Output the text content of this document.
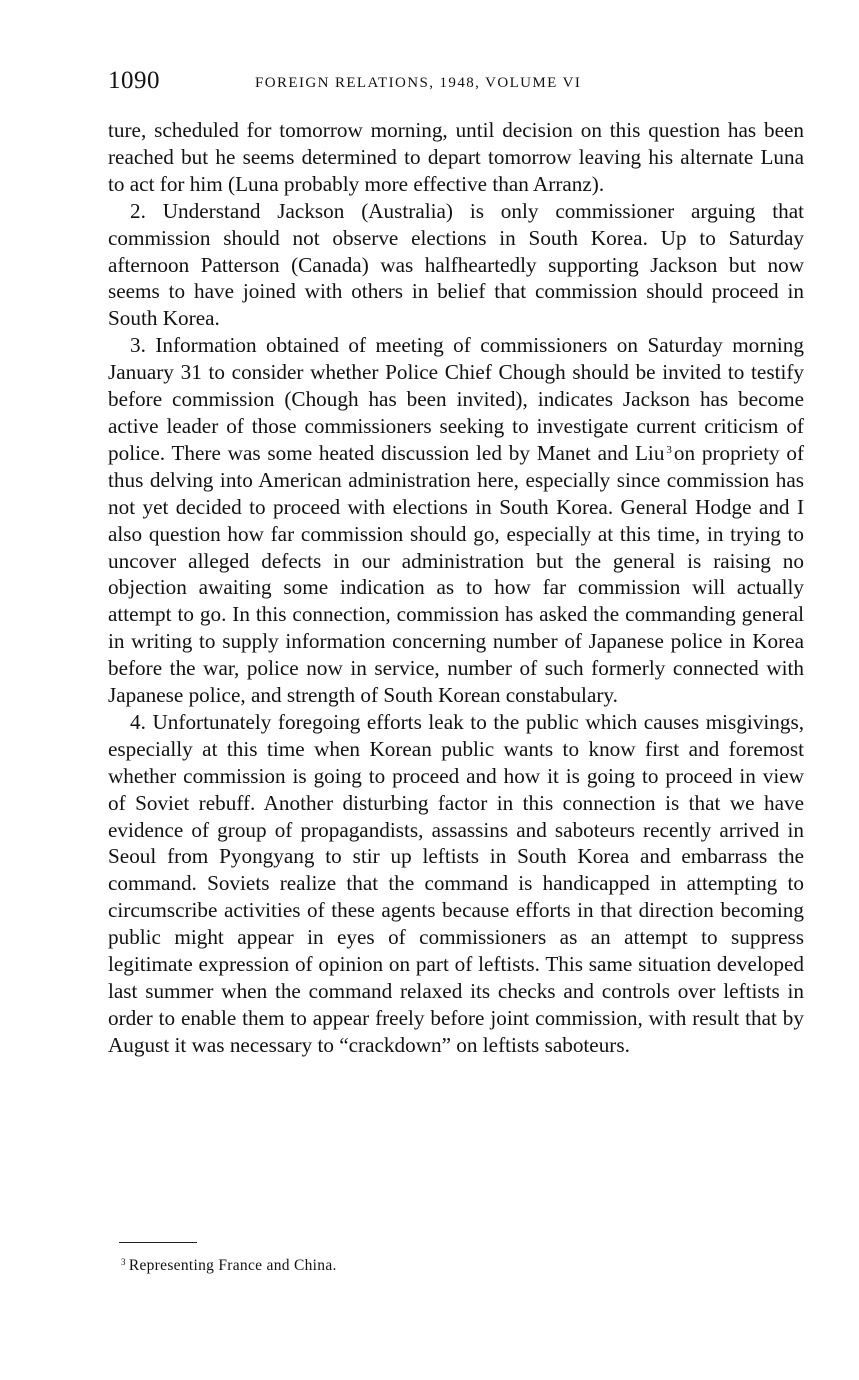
1090	FOREIGN RELATIONS, 1948, VOLUME VI

ture, scheduled for tomorrow morning, until decision on this question has been reached but he seems determined to depart tomorrow leaving his alternate Luna to act for him (Luna probably more effective than Arranz).

2. Understand Jackson (Australia) is only commissioner arguing that commission should not observe elections in South Korea. Up to Saturday afternoon Patterson (Canada) was halfheartedly supporting Jackson but now seems to have joined with others in belief that commission should proceed in South Korea.

3. Information obtained of meeting of commissioners on Saturday morning January 31 to consider whether Police Chief Chough should be invited to testify before commission (Chough has been invited), indicates Jackson has become active leader of those commissioners seeking to investigate current criticism of police. There was some heated discussion led by Manet and Liu $^3$on propriety of thus delving into American administration here, especially since commission has not yet decided to proceed with elections in South Korea. General Hodge and I also question how far commission should go, especially at this time, in trying to uncover alleged defects in our administration but the general is raising no objection awaiting some indication as to how far commission will actually attempt to go. In this connection, commission has asked the commanding general in writing to supply information concerning number of Japanese police in Korea before the war, police now in service, number of such formerly connected with Japanese police, and strength of South Korean constabulary.

4. Unfortunately foregoing efforts leak to the public which causes misgivings, especially at this time when Korean public wants to know first and foremost whether commission is going to proceed and how it is going to proceed in view of Soviet rebuff. Another disturbing factor in this connection is that we have evidence of group of propagandists, assassins and saboteurs recently arrived in Seoul from Pyongyang to stir up leftists in South Korea and embarrass the command. Soviets realize that the command is handicapped in attempting to circumscribe activities of these agents because efforts in that direction becoming public might appear in eyes of commissioners as an attempt to suppress legitimate expression of opinion on part of leftists. This same situation developed last summer when the command relaxed its checks and controls over leftists in order to enable them to appear freely before joint commission, with result that by August it was necessary to “crackdown” on leftists saboteurs.

$^3$ Representing France and China.
